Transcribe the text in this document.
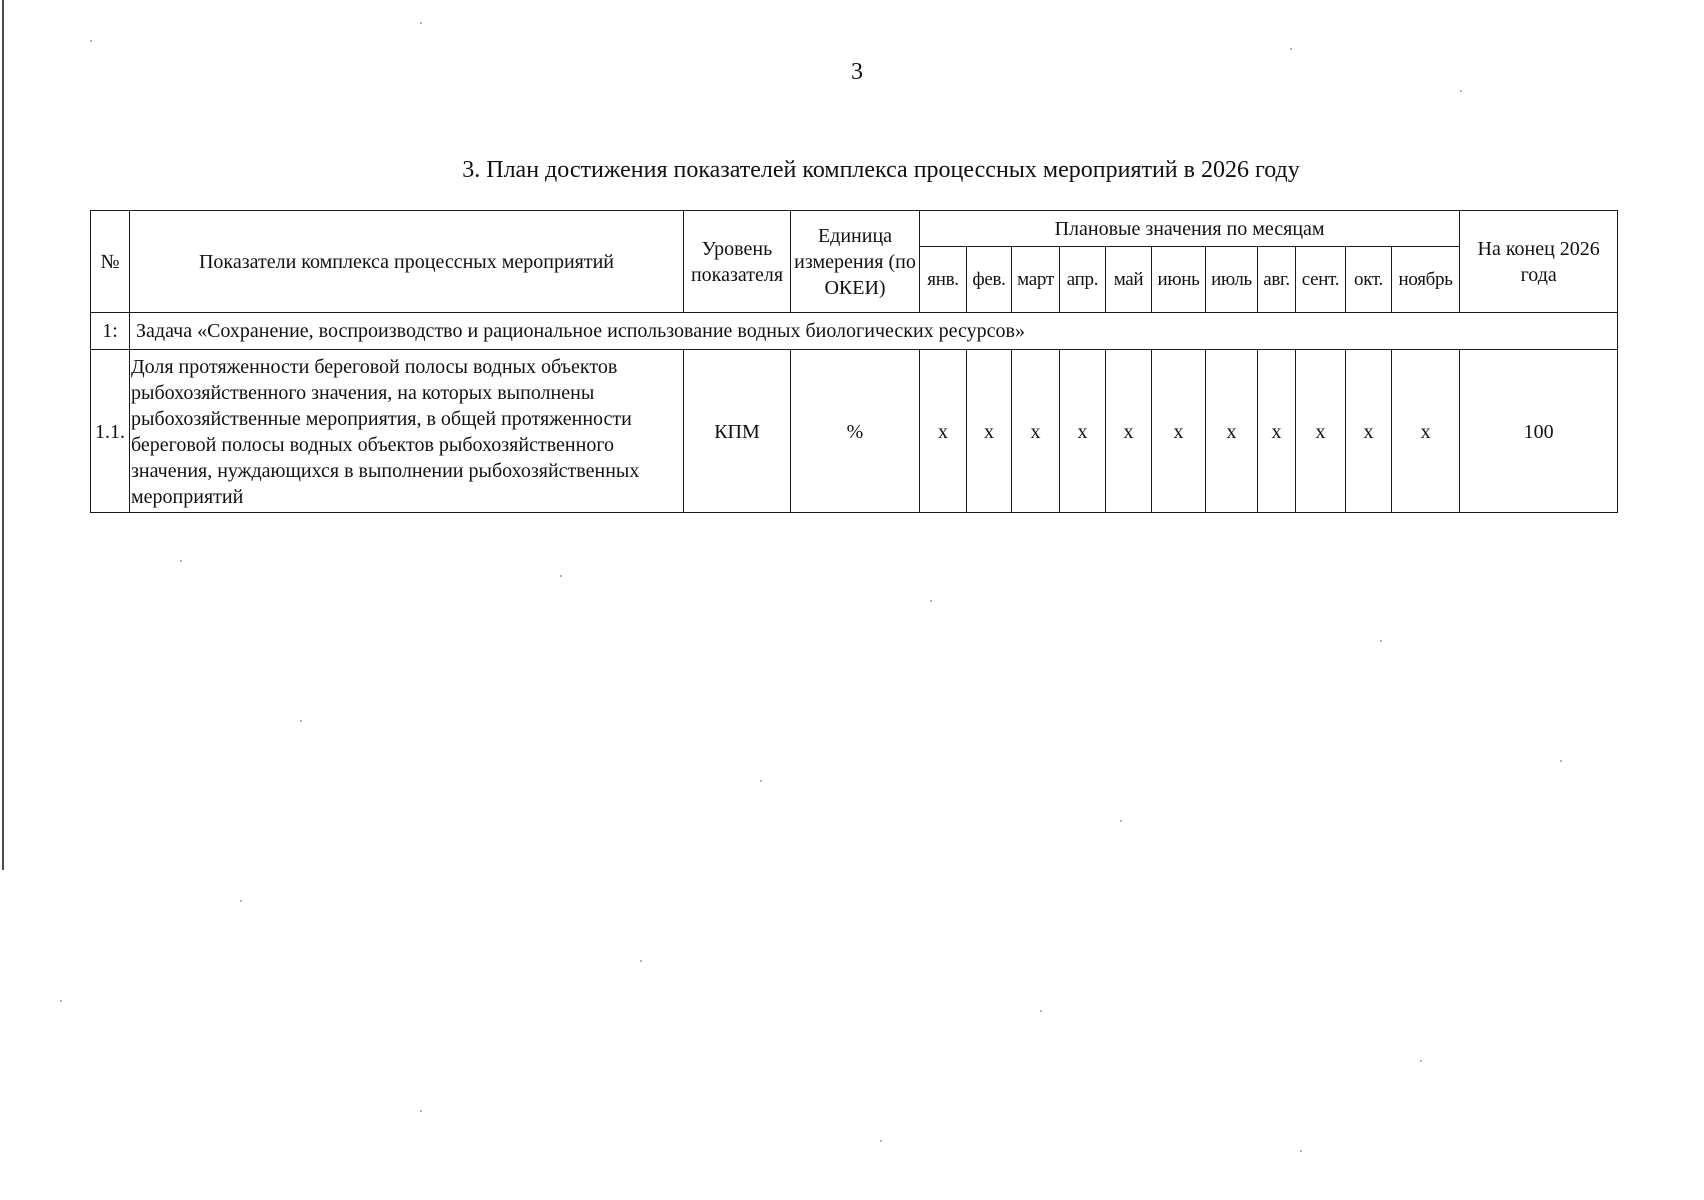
3
3. План достижения показателей комплекса процессных мероприятий в 2026 году
№	Показатели комплекса процессных мероприятий	Уровень показателя	Единица измерения (по ОКЕИ)	Плановые значения по месяцам											На конец 2026 года
				янв.	фев.	март	апр.	май	июнь	июль	авг.	сент.	окт.	ноябрь	
1:	Задача «Сохранение, воспроизводство и рациональное использование водных биологических ресурсов»														
1.1.	Доля протяженности береговой полосы водных объектов рыбохозяйственного значения, на которых выполнены рыбохозяйственные мероприятия, в общей протяженности береговой полосы водных объектов рыбохозяйственного значения, нуждающихся в выполнении рыбохозяйственных мероприятий	КПМ	%	x	x	x	x	x	x	x	x	x	x	x	100
